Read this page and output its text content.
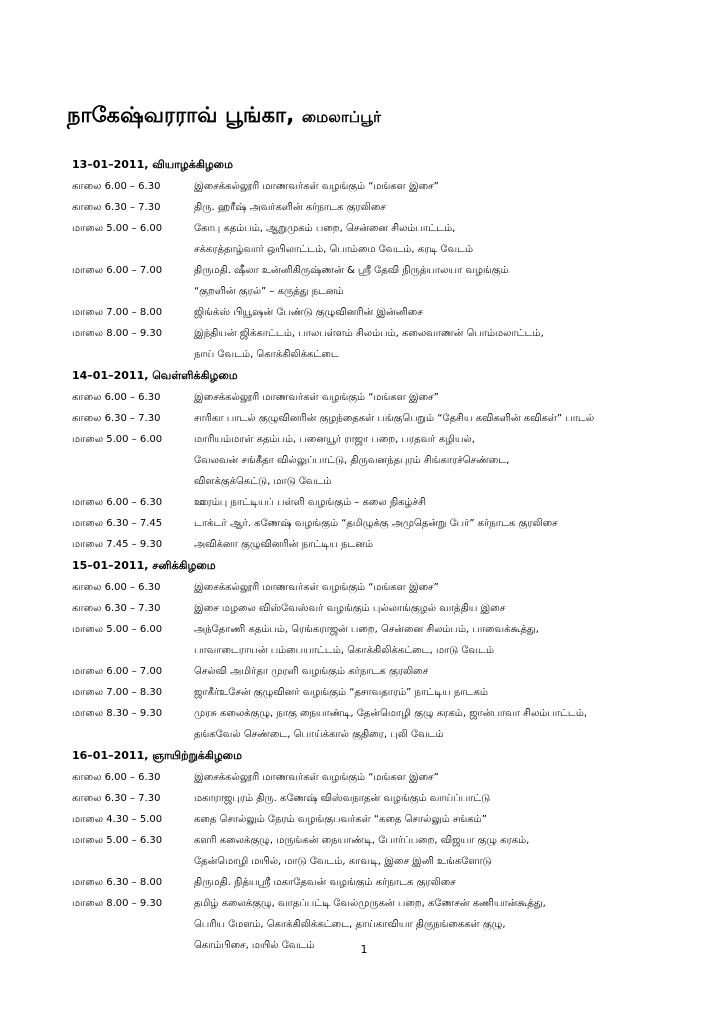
நாகேஷ்வரராவ் பூங்கா, மைலாப்பூர்
13–01–2011, வியாழக்கிழமை
காலை 6.00 – 6.30	இசைக்கல்லூரி மாணவர்கள் வழங்கும் “மங்கள இசை”
காலை 6.30 – 7.30	திரு. ஹரீஷ் அவர்களின் கர்நாடக குரலிசை
மாலை 5.00 – 6.00	கோபு கதம்பம், ஆறுமுகம் பறை, சென்னை சிலம்பாட்டம்,
சக்கரத்தாழ்வார் ஒயிலாட்டம், பொம்மை வேடம், கரடி வேடம்
மாலை 6.00 – 7.00	திருமதி. ஷீலா உன்னிகிருஷ்ணன் & ஸ்ரீ தேவி நிருத்யாலயா வழங்கும்
“குறளின் குரல்” – கருத்து நடனம்
மாலை 7.00 – 8.00	ஜிங்க்ஸ் பியூஷன் பேண்டு குழுவினரின் இன்னிசை
மாலை 8.00 – 9.30	இந்தியன் ஜிக்காட்டம், பாலபள்ளம் சிலம்பம், கலைவாணன் பொம்மலாட்டம்,
நாய் வேடம், கொக்கிலிக்கட்டை
14–01–2011, வெள்ளிக்கிழமை
காலை 6.00 – 6.30	இசைக்கல்லூரி மாணவர்கள் வழங்கும் “மங்கள இசை”
காலை 6.30 – 7.30	சாரிகா பாடல் குழுவினரின் குழந்தைகள் பங்குபெறும் “தேசிய கவிகளின் கவிகள்” பாடல்
மாலை 5.00 – 6.00	மாரியம்மாள் கதம்பம், பனையூர் ராஜா பறை, பரதவர் கழியல்,
வேலவன் சங்கீதா வில்லுப்பாட்டு, திருவனந்தபுரம் சிங்காரச்செண்டை,
விளக்குக்கெட்டு, மாடு வேடம்
மாலை 6.00 – 6.30	ஊரம்பு நாட்டியப் பள்ளி வழங்கும் – கலை நிகழ்ச்சி
மாலை 6.30 – 7.45	டாக்டர் ஆர். கணேஷ் வழங்கும் “தமிழுக்கு அமுதென்று பேர்” கர்நாடக குரலிசை
மாலை 7.45 – 9.30	அவிக்னா குழுவினரின் நாட்டிய நடனம்
15–01–2011, சனிக்கிழமை
காலை 6.00 – 6.30	இசைக்கல்லூரி மாணவர்கள் வழங்கும் “மங்கள இசை”
காலை 6.30 – 7.30	இசை மழலை விஸ்வேஸ்வர் வழங்கும் புல்லாங்குழல் வாத்திய இசை
மாலை 5.00 – 6.00	அந்தோணி கதம்பம், ரெங்கராஜன் பறை, சென்னை சிலம்பம், பாவைக்கூத்து,
பாவாடைராயன் பம்பையாட்டம், கொக்கிலிக்கட்டை, மாடு வேடம்
மாலை 6.00 – 7.00	செல்வி அமிர்தா முரளி வழங்கும் கர்நாடக குரலிசை
மாலை 7.00 – 8.30	ஜாகீர்உசேன் குழுவினர் வழங்கும் “தசாவதாரம்” நாட்டிய நாடகம்
மாலை 8.30 – 9.30	முரசு கலைக்குழு, நாகு நையாண்டி, தேன்மொழி குழு கரகம், ஜான்பாவா சிலம்பாட்டம்,
தங்கவேல் செண்டை, பொய்க்கால் குதிரை, புலி வேடம்
16–01–2011, ஞாயிற்றுக்கிழமை
காலை 6.00 – 6.30	இசைக்கல்லூரி மாணவர்கள் வழங்கும் “மங்கள இசை”
காலை 6.30 – 7.30	மகாராஜபுரம் திரு. கணேஷ் விஸ்வநாதன் வழங்கும் வாய்ப்பாட்டு
மாலை 4.30 – 5.00	கதை சொல்லும் நேரம் வழங்குபவர்கள் “கதை சொல்லும் சங்கம்”
மாலை 5.00 – 6.30	களரி கலைக்குழு, மருங்கன் நையாண்டி, போர்ப்பறை, விஜயா குழு கரகம்,
தேன்மொழி மயில், மாடு வேடம், காவடி, இசை இனி உங்களோடு
மாலை 6.30 – 8.00	திருமதி. நித்யஸ்ரீ மகாதேவன் வழங்கும் கர்நாடக குரலிசை
மாலை 8.00 – 9.30	தமிழ் கலைக்குழு, வாதப்பட்டி வேல்முருகன் பறை, கணேசன் கணியான்கூத்து,
பெரிய மேளம், கொக்கிலிக்கட்டை, தாய்காவியா திருநங்கைகள் குழு,
கொம்பிசை, மயில் வேடம்	1
